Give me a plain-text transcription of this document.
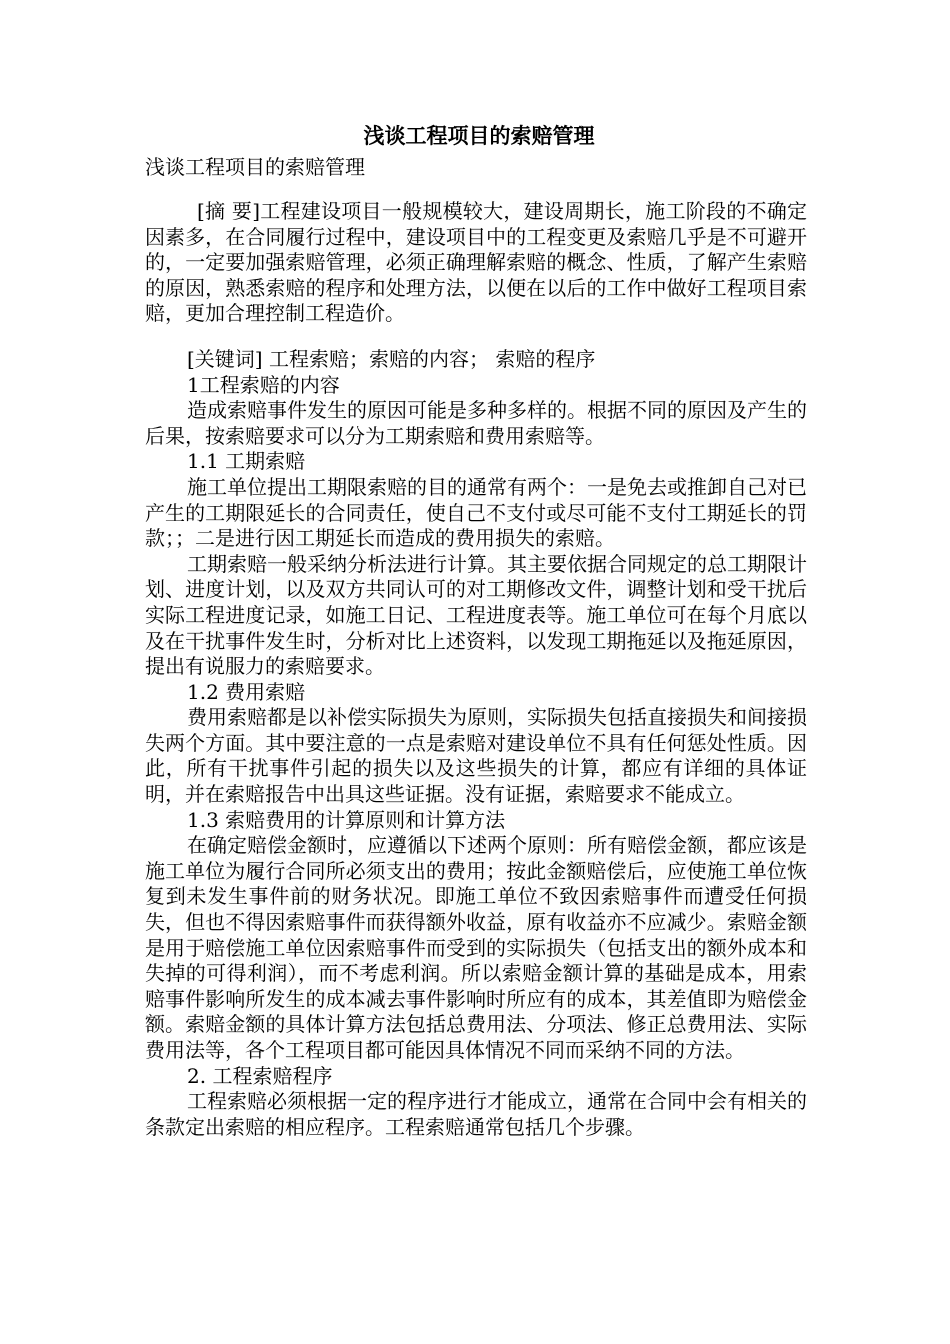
浅谈工程项目的索赔管理

浅谈工程项目的索赔管理

[摘 要]工程建设项目一般规模较大，建设周期长，施工阶段的不确定因素多，在合同履行过程中，建设项目中的工程变更及索赔几乎是不可避开的，一定要加强索赔管理，必须正确理解索赔的概念、性质，了解产生索赔的原因，熟悉索赔的程序和处理方法，以便在以后的工作中做好工程项目索赔，更加合理控制工程造价。

[关键词] 工程索赔；索赔的内容； 索赔的程序

1工程索赔的内容

造成索赔事件发生的原因可能是多种多样的。根据不同的原因及产生的后果，按索赔要求可以分为工期索赔和费用索赔等。

1.1 工期索赔

施工单位提出工期限索赔的目的通常有两个：一是免去或推卸自己对已产生的工期限延长的合同责任，使自己不支付或尽可能不支付工期延长的罚款；；二是进行因工期延长而造成的费用损失的索赔。

工期索赔一般采纳分析法进行计算。其主要依据合同规定的总工期限计划、进度计划，以及双方共同认可的对工期修改文件，调整计划和受干扰后实际工程进度记录，如施工日记、工程进度表等。施工单位可在每个月底以及在干扰事件发生时，分析对比上述资料，以发现工期拖延以及拖延原因，提出有说服力的索赔要求。

1.2 费用索赔

费用索赔都是以补偿实际损失为原则，实际损失包括直接损失和间接损失两个方面。其中要注意的一点是索赔对建设单位不具有任何惩处性质。因此，所有干扰事件引起的损失以及这些损失的计算，都应有详细的具体证明，并在索赔报告中出具这些证据。没有证据，索赔要求不能成立。

1.3 索赔费用的计算原则和计算方法

在确定赔偿金额时，应遵循以下述两个原则：所有赔偿金额，都应该是施工单位为履行合同所必须支出的费用；按此金额赔偿后，应使施工单位恢复到未发生事件前的财务状况。即施工单位不致因索赔事件而遭受任何损失，但也不得因索赔事件而获得额外收益，原有收益亦不应减少。索赔金额是用于赔偿施工单位因索赔事件而受到的实际损失（包括支出的额外成本和失掉的可得利润），而不考虑利润。所以索赔金额计算的基础是成本，用索赔事件影响所发生的成本减去事件影响时所应有的成本，其差值即为赔偿金额。索赔金额的具体计算方法包括总费用法、分项法、修正总费用法、实际费用法等，各个工程项目都可能因具体情况不同而采纳不同的方法。

2. 工程索赔程序

工程索赔必须根据一定的程序进行才能成立，通常在合同中会有相关的条款定出索赔的相应程序。工程索赔通常包括几个步骤。
